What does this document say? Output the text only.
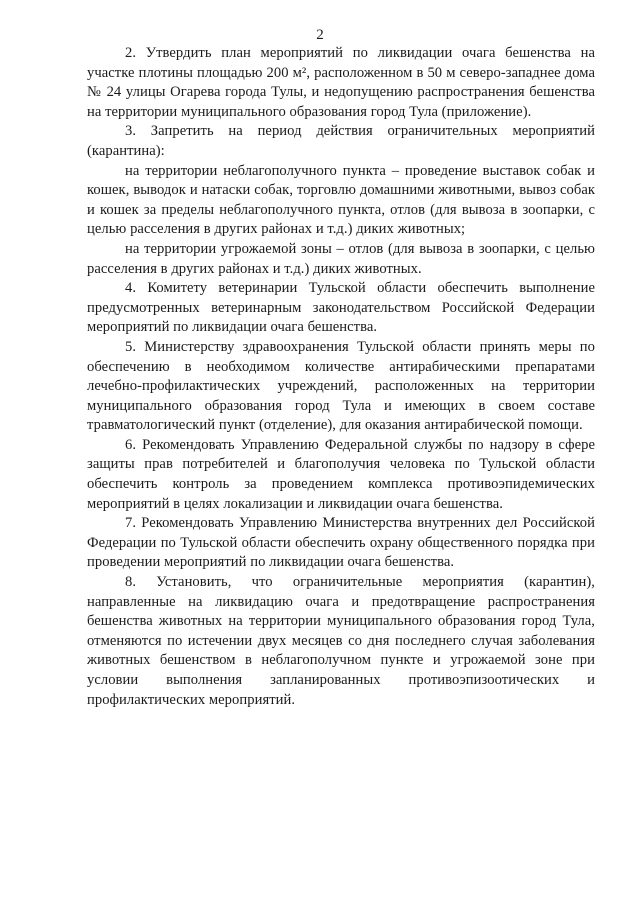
2

2. Утвердить план мероприятий по ликвидации очага бешенства на участке плотины площадью 200 м², расположенном в 50 м северо-западнее дома № 24 улицы Огарева города Тулы, и недопущению распространения бешенства на территории муниципального образования город Тула (приложение).

3. Запретить на период действия ограничительных мероприятий (карантина):

на территории неблагополучного пункта – проведение выставок собак и кошек, выводок и натаски собак, торговлю домашними животными, вывоз собак и кошек за пределы неблагополучного пункта, отлов (для вывоза в зоопарки, с целью расселения в других районах и т.д.) диких животных;

на территории угрожаемой зоны – отлов (для вывоза в зоопарки, с целью расселения в других районах и т.д.) диких животных.

4. Комитету ветеринарии Тульской области обеспечить выполнение предусмотренных ветеринарным законодательством Российской Федерации мероприятий по ликвидации очага бешенства.

5. Министерству здравоохранения Тульской области принять меры по обеспечению в необходимом количестве антирабическими препаратами лечебно-профилактических учреждений, расположенных на территории муниципального образования город Тула и имеющих в своем составе травматологический пункт (отделение), для оказания антирабической помощи.

6. Рекомендовать Управлению Федеральной службы по надзору в сфере защиты прав потребителей и благополучия человека по Тульской области обеспечить контроль за проведением комплекса противоэпидемических мероприятий в целях локализации и ликвидации очага бешенства.

7. Рекомендовать Управлению Министерства внутренних дел Российской Федерации по Тульской области обеспечить охрану общественного порядка при проведении мероприятий по ликвидации очага бешенства.

8. Установить, что ограничительные мероприятия (карантин), направленные на ликвидацию очага и предотвращение распространения бешенства животных на территории муниципального образования город Тула, отменяются по истечении двух месяцев со дня последнего случая заболевания животных бешенством в неблагополучном пункте и угрожаемой зоне при условии выполнения запланированных противоэпизоотических и профилактических мероприятий.
